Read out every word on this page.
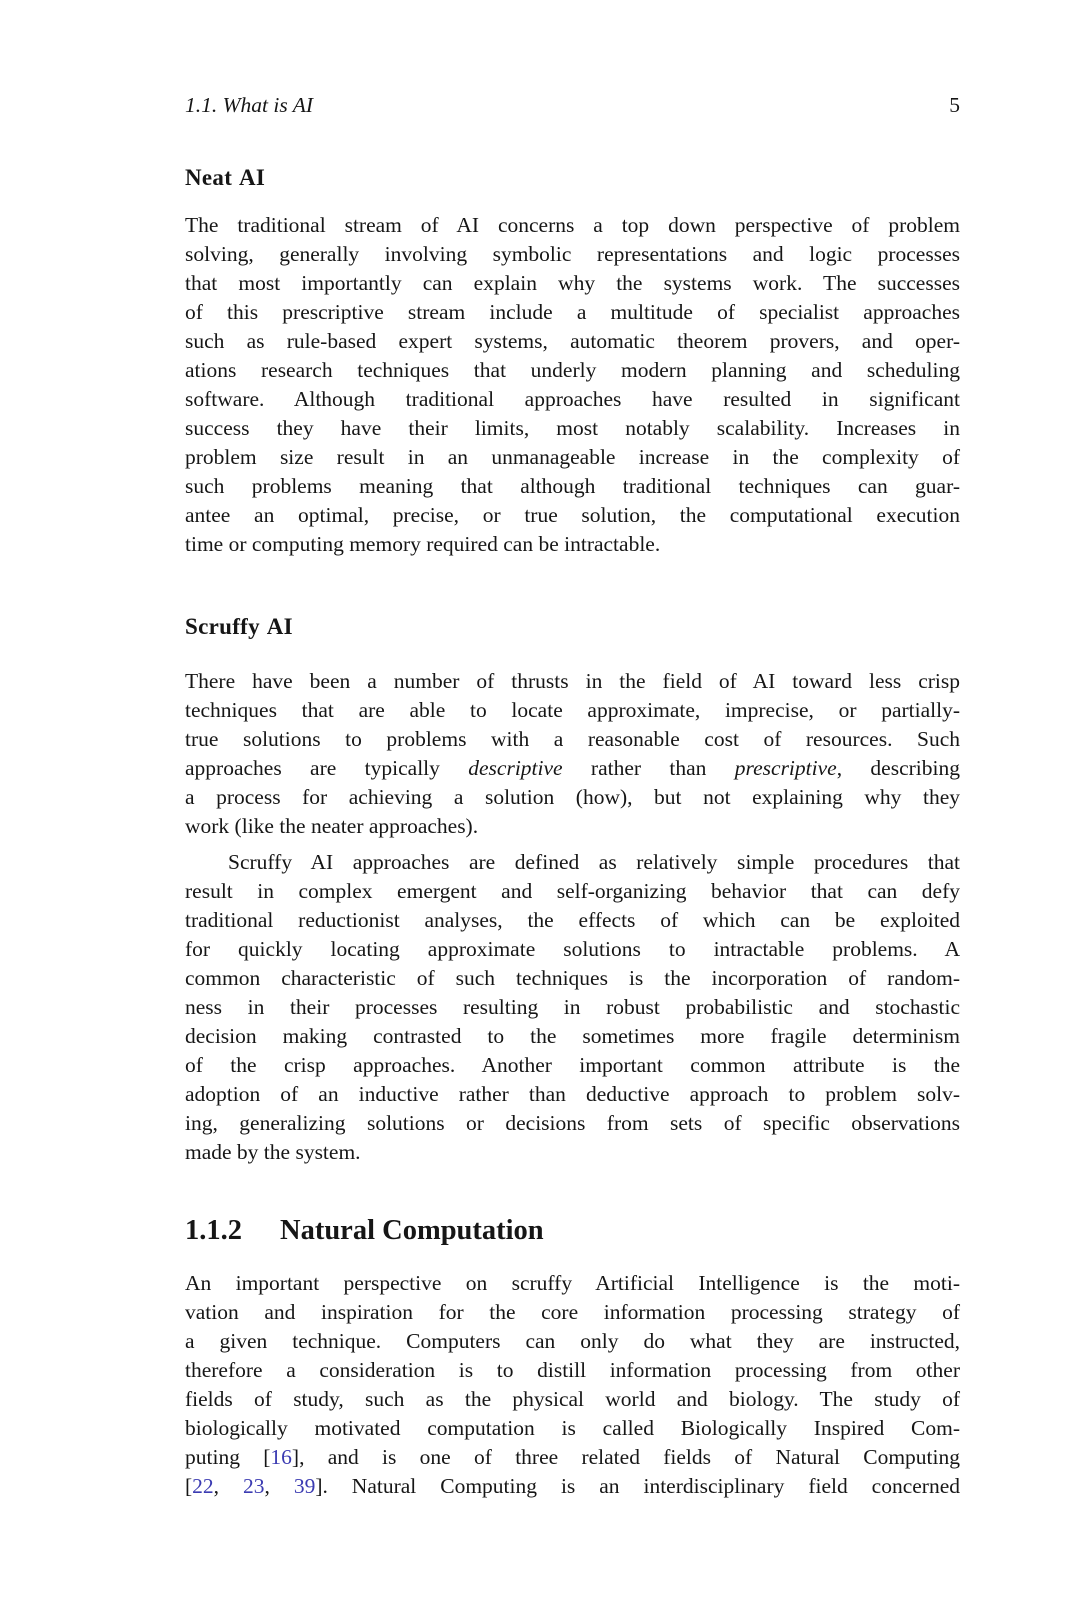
1.1. What is AI	5
Neat AI
The traditional stream of AI concerns a top down perspective of problem
solving, generally involving symbolic representations and logic processes
that most importantly can explain why the systems work. The successes
of this prescriptive stream include a multitude of specialist approaches
such as rule-based expert systems, automatic theorem provers, and oper-
ations research techniques that underly modern planning and scheduling
software. Although traditional approaches have resulted in significant
success they have their limits, most notably scalability. Increases in
problem size result in an unmanageable increase in the complexity of
such problems meaning that although traditional techniques can guar-
antee an optimal, precise, or true solution, the computational execution
time or computing memory required can be intractable.
Scruffy AI
There have been a number of thrusts in the field of AI toward less crisp
techniques that are able to locate approximate, imprecise, or partially-
true solutions to problems with a reasonable cost of resources. Such
approaches are typically descriptive rather than prescriptive, describing
a process for achieving a solution (how), but not explaining why they
work (like the neater approaches).
Scruffy AI approaches are defined as relatively simple procedures that
result in complex emergent and self-organizing behavior that can defy
traditional reductionist analyses, the effects of which can be exploited
for quickly locating approximate solutions to intractable problems. A
common characteristic of such techniques is the incorporation of random-
ness in their processes resulting in robust probabilistic and stochastic
decision making contrasted to the sometimes more fragile determinism
of the crisp approaches. Another important common attribute is the
adoption of an inductive rather than deductive approach to problem solv-
ing, generalizing solutions or decisions from sets of specific observations
made by the system.
1.1.2 Natural Computation
An important perspective on scruffy Artificial Intelligence is the moti-
vation and inspiration for the core information processing strategy of
a given technique. Computers can only do what they are instructed,
therefore a consideration is to distill information processing from other
fields of study, such as the physical world and biology. The study of
biologically motivated computation is called Biologically Inspired Com-
puting [16], and is one of three related fields of Natural Computing
[22, 23, 39]. Natural Computing is an interdisciplinary field concerned
